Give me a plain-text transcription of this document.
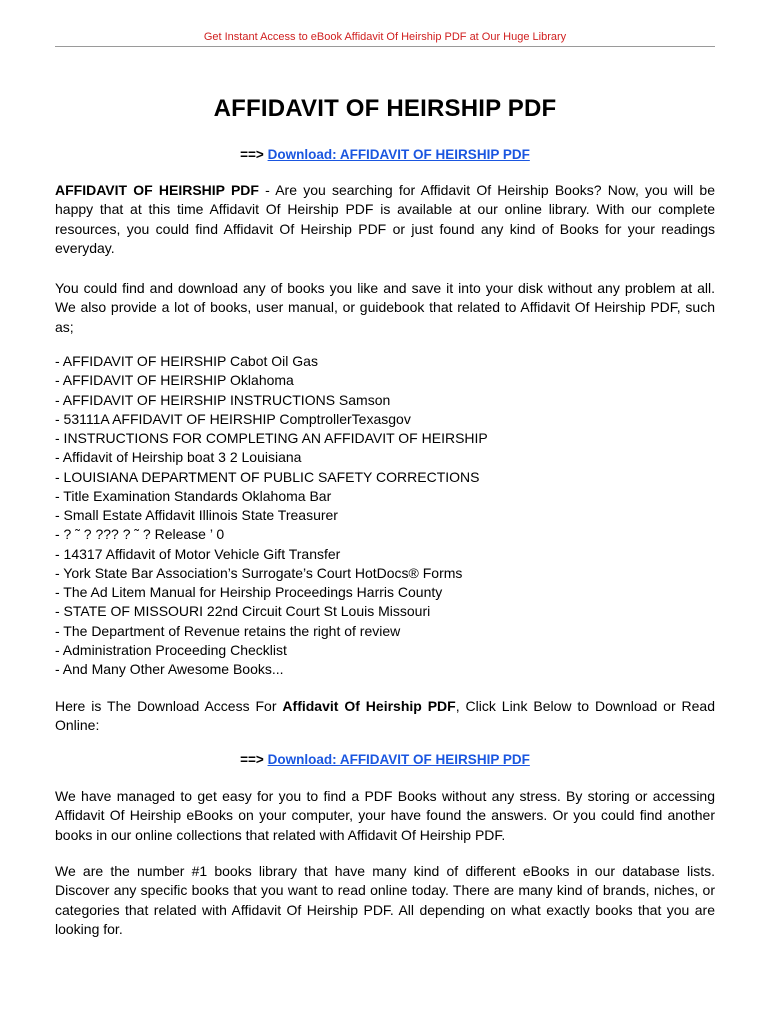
Get Instant Access to eBook Affidavit Of Heirship PDF at Our Huge Library
AFFIDAVIT OF HEIRSHIP PDF
==> Download: AFFIDAVIT OF HEIRSHIP PDF
AFFIDAVIT OF HEIRSHIP PDF - Are you searching for Affidavit Of Heirship Books? Now, you will be happy that at this time Affidavit Of Heirship PDF is available at our online library. With our complete resources, you could find Affidavit Of Heirship PDF or just found any kind of Books for your readings everyday.
You could find and download any of books you like and save it into your disk without any problem at all. We also provide a lot of books, user manual, or guidebook that related to Affidavit Of Heirship PDF, such as;
- AFFIDAVIT OF HEIRSHIP Cabot Oil Gas
- AFFIDAVIT OF HEIRSHIP Oklahoma
- AFFIDAVIT OF HEIRSHIP INSTRUCTIONS Samson
- 53111A AFFIDAVIT OF HEIRSHIP ComptrollerTexasgov
- INSTRUCTIONS FOR COMPLETING AN AFFIDAVIT OF HEIRSHIP
- Affidavit of Heirship boat 3 2 Louisiana
- LOUISIANA DEPARTMENT OF PUBLIC SAFETY CORRECTIONS
- Title Examination Standards Oklahoma Bar
- Small Estate Affidavit Illinois State Treasurer
- ? ˜ ? ??? ? ˜ ? Release ’ 0
- 14317 Affidavit of Motor Vehicle Gift Transfer
- York State Bar Association’s Surrogate’s Court HotDocs® Forms
- The Ad Litem Manual for Heirship Proceedings Harris County
- STATE OF MISSOURI 22nd Circuit Court St Louis Missouri
- The Department of Revenue retains the right of review
- Administration Proceeding Checklist
- And Many Other Awesome Books...
Here is The Download Access For Affidavit Of Heirship PDF, Click Link Below to Download or Read Online:
==> Download: AFFIDAVIT OF HEIRSHIP PDF
We have managed to get easy for you to find a PDF Books without any stress. By storing or accessing Affidavit Of Heirship eBooks on your computer, your have found the answers. Or you could find another books in our online collections that related with Affidavit Of Heirship PDF.
We are the number #1 books library that have many kind of different eBooks in our database lists. Discover any specific books that you want to read online today. There are many kind of brands, niches, or categories that related with Affidavit Of Heirship PDF. All depending on what exactly books that you are looking for.
